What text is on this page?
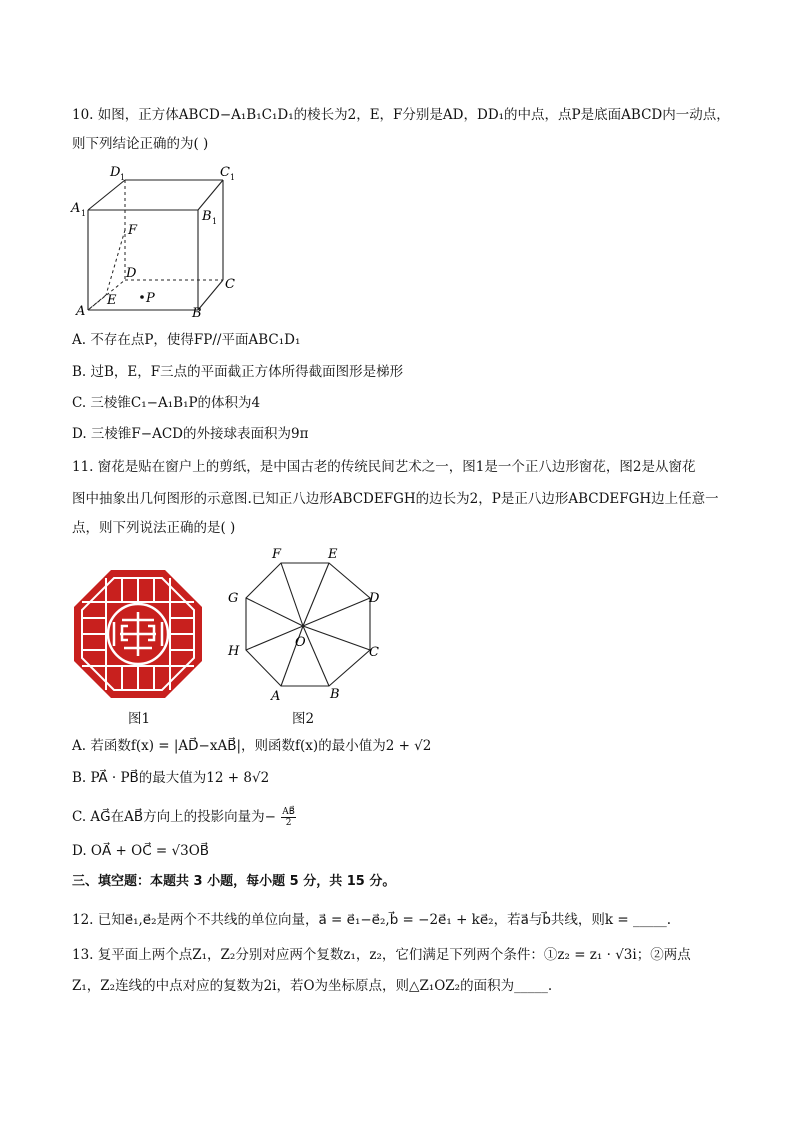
10. 如图，正方体ABCD−A₁B₁C₁D₁的棱长为2，E，F分别是AD，DD₁的中点，点P是底面ABCD内一动点，
则下列结论正确的为( )
D 1	C 1
A 1	B 1
F
D
C
A
E P
B
A. 不存在点P，使得FP//平面ABC₁D₁
B. 过B，E，F三点的平面截正方体所得截面图形是梯形
C. 三棱锥C₁−A₁B₁P的体积为4
D. 三棱锥F−ACD的外接球表面积为9π
11. 窗花是贴在窗户上的剪纸，是中国古老的传统民间艺术之一，图1是一个正八边形窗花，图2是从窗花
图中抽象出几何图形的示意图.已知正八边形ABCDEFGH的边长为2，P是正八边形ABCDEFGH边上任意一
点，则下列说法正确的是( )
F	E
G	D
H	C
O
A	B
图1	图2
A. 若函数f(x) = |AD⃗−xAB⃗|，则函数f(x)的最小值为2 + √2
B. PA⃗ · PB⃗的最大值为12 + 8√2
C. AG⃗在AB⃗方向上的投影向量为− $\frac{AB⃗}{2}$
D. OA⃗ + OC⃗ = √3OB⃗
三、填空题：本题共 3 小题，每小题 5 分，共 15 分。
12. 已知e⃗₁,e⃗₂是两个不共线的单位向量，a⃗ = e⃗₁−e⃗₂,b⃗ = −2e⃗₁ + ke⃗₂，若a⃗与b⃗共线，则k = _____.
13. 复平面上两个点Z₁，Z₂分别对应两个复数z₁，z₂，它们满足下列两个条件：①z₂ = z₁ · √3i；②两点
Z₁，Z₂连线的中点对应的复数为2i，若O为坐标原点，则△Z₁OZ₂的面积为_____.
